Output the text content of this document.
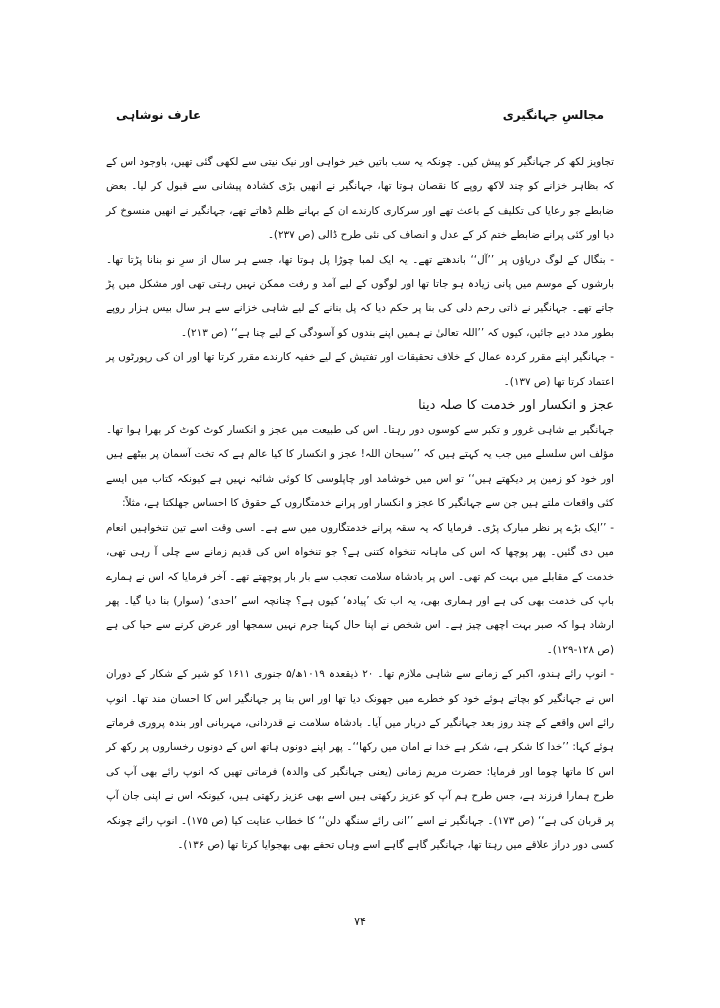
عارف نوشاہی	مجالسِ جہانگیری

تجاویز لکھ کر جہانگیر کو پیش کیں۔ چونکہ یہ سب باتیں خیر خواہی اور نیک نیتی سے لکھی گئی تھیں، باوجود اس کے کہ بظاہر خزانے کو چند لاکھ روپے کا نقصان ہوتا تھا، جہانگیر نے انھیں بڑی کشادہ پیشانی سے قبول کر لیا۔ بعض ضابطے جو رعایا کی تکلیف کے باعث تھے اور سرکاری کارندے ان کے بہانے ظلم ڈھاتے تھے، جہانگیر نے انھیں منسوخ کر دیا اور کئی پرانے ضابطے ختم کر کے عدل و انصاف کی نئی طرح ڈالی (ص ۲۳۷)۔

- بنگال کے لوگ دریاؤں پر ’’آل‘‘ باندھتے تھے۔ یہ ایک لمبا چوڑا پل ہوتا تھا، جسے ہر سال از سرِ نو بنانا پڑتا تھا۔ بارشوں کے موسم میں پانی زیادہ ہو جاتا تھا اور لوگوں کے لیے آمد و رفت ممکن نہیں رہتی تھی اور مشکل میں پڑ جاتے تھے۔ جہانگیر نے ذاتی رحم دلی کی بنا پر حکم دیا کہ پل بنانے کے لیے شاہی خزانے سے ہر سال بیس ہزار روپے بطور مدد دیے جائیں، کیوں کہ ’’اللہ تعالیٰ نے ہمیں اپنے بندوں کو آسودگی کے لیے چنا ہے‘‘ (ص ۲۱۳)۔

- جہانگیر اپنے مقرر کردہ عمال کے خلاف تحقیقات اور تفتیش کے لیے خفیہ کارندے مقرر کرتا تھا اور ان کی رپورٹوں پر اعتماد کرتا تھا (ص ۱۳۷)۔

عجز و انکسار اور خدمت کا صلہ دینا

جہانگیر بے شاہی غرور و تکبر سے کوسوں دور رہتا۔ اس کی طبیعت میں عجز و انکسار کوٹ کوٹ کر بھرا ہوا تھا۔ مؤلف اس سلسلے میں جب یہ کہتے ہیں کہ ’’سبحان اللہ! عجز و انکسار کا کیا عالم ہے کہ تخت آسمان پر بیٹھے ہیں اور خود کو زمین پر دیکھتے ہیں‘‘ تو اس میں خوشامد اور چاپلوسی کا کوئی شائبہ نہیں ہے کیونکہ کتاب میں ایسے کئی واقعات ملتے ہیں جن سے جہانگیر کا عجز و انکسار اور پرانے خدمتگاروں کے حقوق کا احساس جھلکتا ہے، مثلاً:

- ’’ایک بڑے پر نظر مبارک پڑی۔ فرمایا کہ یہ سقہ پرانے خدمتگاروں میں سے ہے۔ اسی وقت اسے تین تنخواہیں انعام میں دی گئیں۔ پھر پوچھا کہ اس کی ماہانہ تنخواہ کتنی ہے؟ جو تنخواہ اس کی قدیم زمانے سے چلی آ رہی تھی، خدمت کے مقابلے میں بہت کم تھی۔ اس پر بادشاہ سلامت تعجب سے بار بار پوچھتے تھے۔ آخر فرمایا کہ اس نے ہمارے باپ کی خدمت بھی کی ہے اور ہماری بھی، یہ اب تک ’پیادہ‘ کیوں ہے؟ چنانچہ اسے ’احدی‘ (سوار) بنا دیا گیا۔ پھر ارشاد ہوا کہ صبر بہت اچھی چیز ہے۔ اس شخص نے اپنا حال کہنا جرم نہیں سمجھا اور عرض کرنے سے حیا کی ہے (ص ۱۲۸-۱۲۹)۔

- انوپ رائے ہندو، اکبر کے زمانے سے شاہی ملازم تھا۔ ۲۰ ذیقعدہ ۱۰۱۹ھ/۵ جنوری ۱۶۱۱ کو شیر کے شکار کے دوران اس نے جہانگیر کو بچاتے ہوئے خود کو خطرے میں جھونک دیا تھا اور اس بنا پر جہانگیر اس کا احسان مند تھا۔ انوپ رائے اس واقعے کے چند روز بعد جہانگیر کے دربار میں آیا۔ بادشاہ سلامت نے قدردانی، مہربانی اور بندہ پروری فرماتے ہوئے کہا: ’’خدا کا شکر ہے، شکر ہے خدا نے امان میں رکھا‘‘۔ پھر اپنے دونوں ہاتھ اس کے دونوں رخساروں پر رکھ کر اس کا ماتھا چوما اور فرمایا: حضرت مریم زمانی (یعنی جہانگیر کی والدہ) فرماتی تھیں کہ انوپ رائے بھی آپ کی طرح ہمارا فرزند ہے، جس طرح ہم آپ کو عزیز رکھتی ہیں اسے بھی عزیز رکھتی ہیں، کیونکہ اس نے اپنی جان آپ پر قربان کی ہے‘‘ (ص ۱۷۳)۔ جہانگیر نے اسے ’’انی رائے سنگھ دلن‘‘ کا خطاب عنایت کیا (ص ۱۷۵)۔ انوپ رائے چونکہ کسی دور دراز علاقے میں رہتا تھا، جہانگیر گاہے گاہے اسے وہاں تحفے بھی بھجوایا کرتا تھا (ص ۱۳۶)۔

۷۴
